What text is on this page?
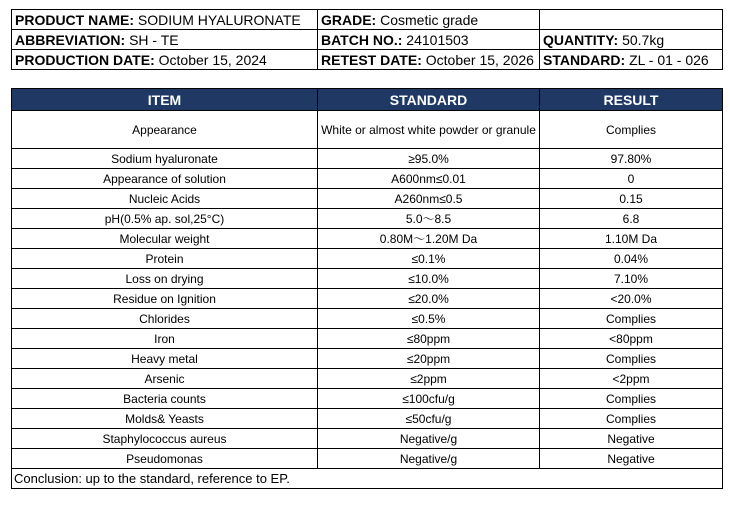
PRODUCT NAME: SODIUM HYALURONATE	GRADE: Cosmetic grade	
ABBREVIATION: SH - TE	BATCH NO.: 24101503	QUANTITY: 50.7kg
PRODUCTION DATE: October 15, 2024	RETEST DATE: October 15, 2026	STANDARD: ZL - 01 - 026
ITEM	STANDARD	RESULT
Appearance	White or almost white powder or granule	Complies
Sodium hyaluronate	≥95.0%	97.80%
Appearance of solution	A600nm≤0.01	0
Nucleic Acids	A260nm≤0.5	0.15
pH(0.5% ap. sol,25°C)	5.0～8.5	6.8
Molecular weight	0.80M～1.20M Da	1.10M Da
Protein	≤0.1%	0.04%
Loss on drying	≤10.0%	7.10%
Residue on Ignition	≤20.0%	<20.0%
Chlorides	≤0.5%	Complies
Iron	≤80ppm	<80ppm
Heavy metal	≤20ppm	Complies
Arsenic	≤2ppm	<2ppm
Bacteria counts	≤100cfu/g	Complies
Molds& Yeasts	≤50cfu/g	Complies
Staphylococcus aureus	Negative/g	Negative
Pseudomonas	Negative/g	Negative
Conclusion: up to the standard, reference to EP.		
